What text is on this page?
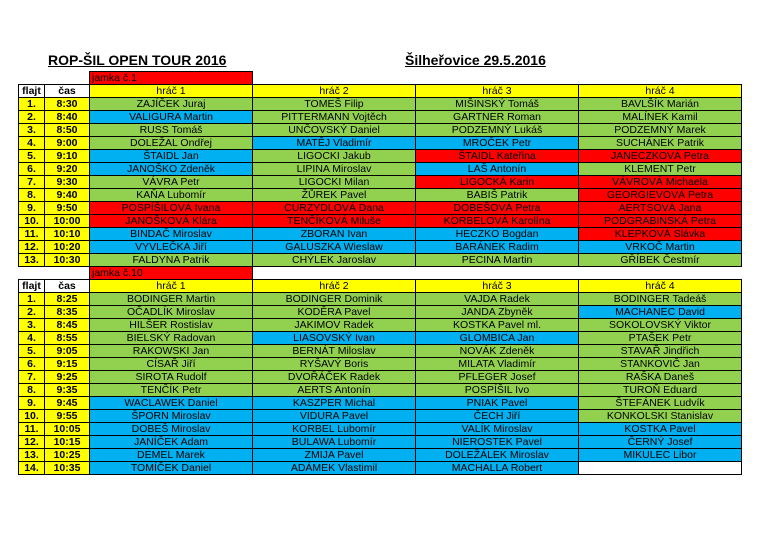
ROP-ŠIL OPEN TOUR 2016	Šilheřovice 29.5.2016
		jamka č.1			
flajt	čas	hráč 1	hráč 2	hráč 3	hráč 4
1.	8:30	ZAJÍČEK Juraj	TOMEŠ Filip	MIŠINSKÝ Tomáš	BAVLŠÍK Marián
2.	8:40	VALIGURA Martin	PITTERMANN Vojtěch	GARTNER Roman	MALÍNEK Kamil
3.	8:50	RUSS Tomáš	UNČOVSKÝ Daniel	PODZEMNÝ Lukáš	PODZEMNÝ Marek
4.	9:00	DOLEŽAL Ondřej	MATĚJ Vladimír	MROČEK Petr	SUCHÁNEK Patrik
5.	9:10	ŠTAIDL Jan	LIGOCKI Jakub	ŠTAIDL Kateřina	JANECZKOVÁ Petra
6.	9:20	JANOŠKO Zdeněk	LIPINA Miroslav	LAŠ Antonín	KLEMENT Petr
7.	9:30	VÁVRA Petr	LIGOCKI Milan	LIGOCKÁ Karin	VÁVROVÁ Michaela
8.	9:40	KAŇA Lubomír	ŽŮREK Pavel	BABIŠ Patrik	GEORGIEVOVÁ Petra
9.	9:50	POSPÍŠILOVÁ Ivana	CURZYDLOVÁ Dana	DOBEŠOVÁ Petra	AERTSOVÁ Jana
10.	10:00	JANOŠKOVÁ Klára	TENČÍKOVÁ Miluše	KORBELOVÁ Karolína	PODGRABINSKÁ Petra
11.	10:10	BINDAČ Miroslav	ZBORAN Ivan	HECZKO Bogdan	KLEPKOVÁ Slávka
12.	10:20	VYVLEČKA Jiří	GALUSZKA Wieslaw	BARÁNEK Radim	VRKOČ Martin
13.	10:30	FALDYNA Patrik	CHÝLEK Jaroslav	PECINA Martin	GŘÍBEK Čestmír
		jamka č.10			
flajt	čas	hráč 1	hráč 2	hráč 3	hráč 4
1.	8:25	BODINGER Martin	BODINGER Dominik	VAJDA Radek	BODINGER Tadeáš
2.	8:35	OČADLÍK Miroslav	KODĚRA Pavel	JANDA Zbyněk	MACHANEC David
3.	8:45	HILŠER Rostislav	JAKIMOV Radek	KOSTKA Pavel ml.	SOKOLOVSKÝ Viktor
4.	8:55	BIELSKÝ Radovan	LIASOVSKÝ Ivan	GLOMBICA Jan	PTAŠEK Petr
5.	9:05	RAKOWSKI Jan	BERNÁT Miloslav	NOVÁK Zdeněk	STAVAŘ Jindřich
6.	9:15	CÍSAŘ Jiří	RYŠAVÝ Boris	MILATA Vladimír	STANKOVIČ Jan
7.	9:25	SIROTA Rudolf	DVOŘÁČEK Radek	PFLEGER Josef	RAŠKA Daneš
8.	9:35	TENČÍK Petr	AERTS Antonín	POSPÍŠIL Ivo	TUROŇ Eduard
9.	9:45	WACLAWEK Daniel	KASZPER Michal	PNIAK Pavel	ŠTEFÁNEK Ludvík
10.	9:55	ŠPORN Miroslav	VIDURA Pavel	ČECH Jiří	KONKOLSKI Stanislav
11.	10:05	DOBEŠ Miroslav	KORBEL Lubomír	VALÍK Miroslav	KOSTKA Pavel
12.	10:15	JANÍČEK Adam	BULAWA Lubomír	NIEROSTEK Pavel	ČERNÝ Josef
13.	10:25	DEMEL Marek	ZMIJA Pavel	DOLEŽÁLEK Miroslav	MIKULEC Libor
14.	10:35	TOMÍČEK Daniel	ADÁMEK Vlastimil	MACHALLA Robert	
